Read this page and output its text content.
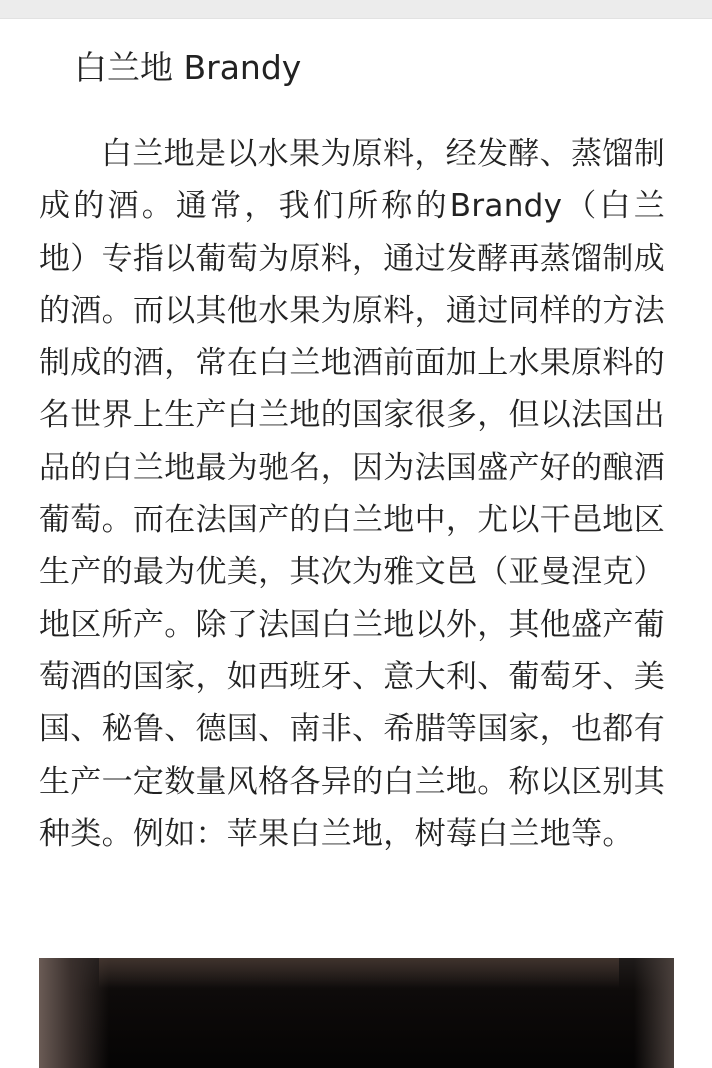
白兰地 Brandy

白兰地是以水果为原料，经发酵、蒸馏制成的酒。通常，我们所称的Brandy（白兰地）专指以葡萄为原料，通过发酵再蒸馏制成的酒。而以其他水果为原料，通过同样的方法制成的酒，常在白兰地酒前面加上水果原料的名世界上生产白兰地的国家很多，但以法国出品的白兰地最为驰名，因为法国盛产好的酿酒葡萄。而在法国产的白兰地中，尤以干邑地区生产的最为优美，其次为雅文邑（亚曼涅克）地区所产。除了法国白兰地以外，其他盛产葡萄酒的国家，如西班牙、意大利、葡萄牙、美国、秘鲁、德国、南非、希腊等国家，也都有生产一定数量风格各异的白兰地。称以区别其种类。例如：苹果白兰地，树莓白兰地等。
